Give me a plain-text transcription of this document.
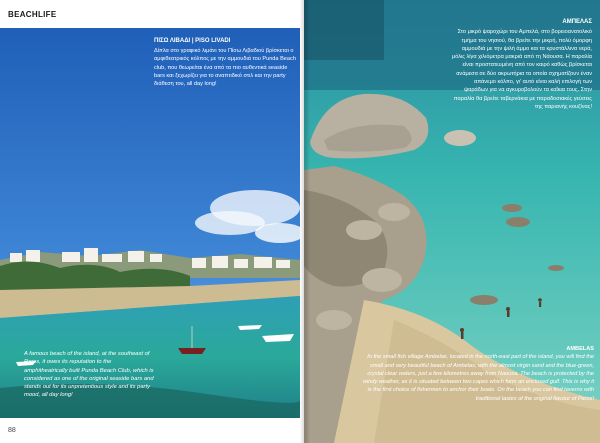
BEACHLIFE
ΠΙΣΩ ΛΙΒΑΔΙ | PISO LIVADI
Δίπλα στο γραφικό λιμάνι του Πίσω Λιβαδιού βρίσκεται ο αμφιθεατρικός κόλπος με την αμμουδιά του Punda Beach club, που θεωρείται ένα από τα πιο αυθεντικά seaside bars και ξεχωρίζει για το αναπτιδικό στιλ και την party διάθεση του, all day long!
A famous beach of the island, at the southeast of Paros, it owes its reputation to the amphitheatrically built Punda Beach Club, which is considered as one of the original seaside bars and stands out for its unpretentious style and its party mood, all day long!
88
ΑΜΠΕΛΑΣ
Στο μικρό ψαροχώρι του Αμπελά, στο βορειοανατολικό τμήμα του νησιού, θα βρείτε την μικρή, πολύ όμορφη αμμουδιά με την ψιλή άμμο και τα κρυστάλλινα νερά, μόλις λίγα χιλιόμετρα μακριά από τη Νάουσα. Η παραλία είναι προστατευμένη από τον καιρό καθώς βρίσκεται ανάμεσα σε δύο ακρωτήρια τα οποία σχηματίζουν έναν απάνεμο κόλπο, γι' αυτό είναι καλή επιλογή των ψαράδων για να αγκυροβολούν τα καΐκια τους. Στην παραλία θα βρείτε ταβερνάκια με παραδοσιακές γεύσεις της παριανής κουζίνας!
AMBELAS
In the small fish village Ambelas, located in the north-east part of the island, you will find the small and very beautiful beach of Ambelas, with the almost virgin sand and the blue-green, crystal clear waters, just a few kilometres away from Naousa. The beach is protected by the windy weather, as it is situated between two capes which form an enclosed gulf. This is why it is the first choice of fishermen to anchor their boats. On the beach you can find taverns with traditional tastes of the original flavour of Paros!
